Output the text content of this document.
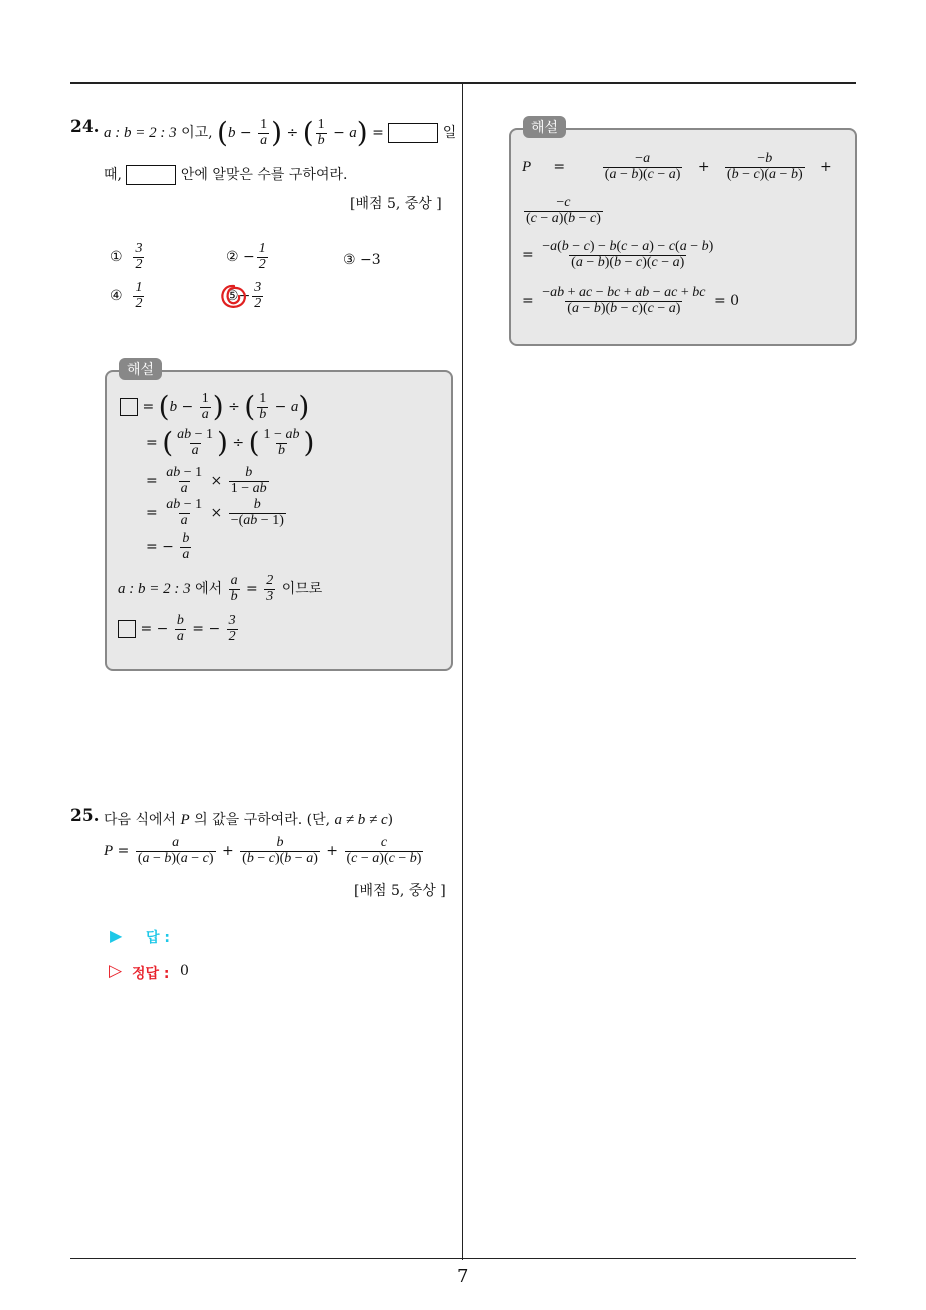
24. a : b = 2 : 3 이고, ($b - \frac{1}{a}$ ) ÷ ( $\frac{1}{b} - a$) =	일
때,	안에 알맞은 수를 구하여라.
[배점 5, 중상 ]
① $\frac{3}{2}$	② − $\frac{1}{2}$	③ −3
④ $\frac{1}{2}$	⑤− $\frac{3}{2}$
해설
= ($b - \frac{1}{a}$ ) ÷ ( $\frac{1}{b} - a$)
= ( $\frac{ab - 1}{a}$ ) ÷ ( $\frac{1 - ab}{b}$ )
= $\frac{ab - 1}{a} \times \frac{b}{1 - ab}$
= $\frac{ab - 1}{a} \times \frac{b}{-(ab - 1)}$
= − $\frac{b}{a}$
a : b = 2 : 3 에서 $\frac{a}{b} = \frac{2}{3}$ 이므로
= − $\frac{b}{a}$ = − $\frac{3}{2}$
25. 다음 식에서 P 의 값을 구하여라. (단, a ≠ b ≠ c)
$P = \frac{a}{(a - b)(a - c)} + \frac{b}{(b - c)(b - a)} + \frac{c}{(c - a)(c - b)}$
[배점 5, 중상 ]
▶ 답 :
▷ 정답 : 0
해설
P     = $\frac{-a}{(a - b)(c - a)} + \frac{-b}{(b - c)(a - b)}$ +
$\frac{-c}{(c - a)(b - c)}$
= $\frac{-a(b - c) - b(c - a) - c(a - b)}{(a - b)(b - c)(c - a)}$
= $\frac{-ab + ac - bc + ab - ac + bc}{(a - b)(b - c)(c - a)} = 0$
7
